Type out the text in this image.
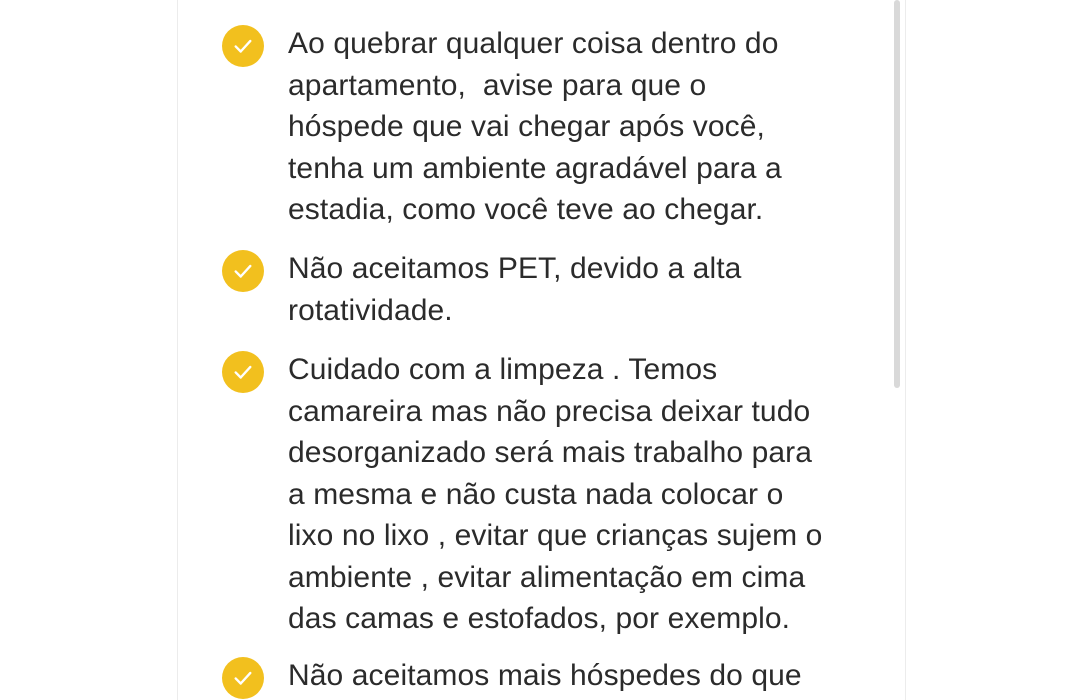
Ao quebrar qualquer coisa dentro do
apartamento,  avise para que o
hóspede que vai chegar após você,
tenha um ambiente agradável para a
estadia, como você teve ao chegar.
Não aceitamos PET, devido a alta
rotatividade.
Cuidado com a limpeza . Temos
camareira mas não precisa deixar tudo
desorganizado será mais trabalho para
a mesma e não custa nada colocar o
lixo no lixo , evitar que crianças sujem o
ambiente , evitar alimentação em cima
das camas e estofados, por exemplo.
Não aceitamos mais hóspedes do que
